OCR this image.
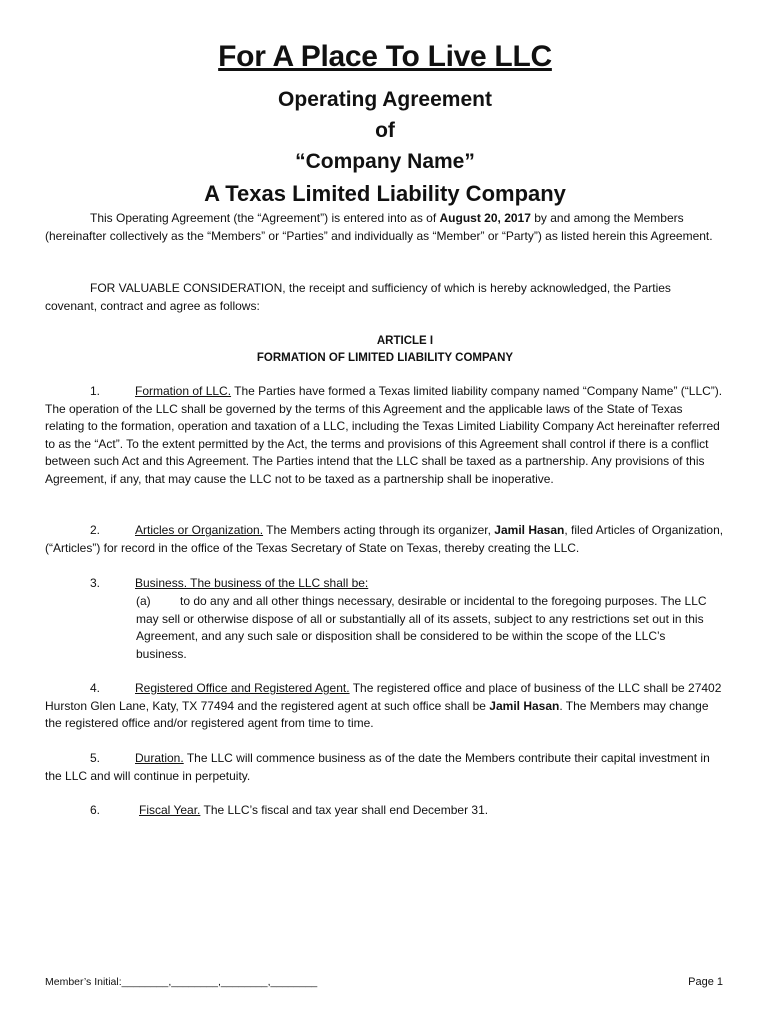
For A Place To Live LLC
Operating Agreement
of
“Company Name”
A Texas Limited Liability Company
This Operating Agreement (the “Agreement”) is entered into as of August 20, 2017 by and among the Members (hereinafter collectively as the “Members” or “Parties” and individually as “Member” or “Party”) as listed herein this Agreement.
FOR VALUABLE CONSIDERATION, the receipt and sufficiency of which is hereby acknowledged, the Parties covenant, contract and agree as follows:
ARTICLE I
FORMATION OF LIMITED LIABILITY COMPANY
1.	Formation of LLC. The Parties have formed a Texas limited liability company named “Company Name” (“LLC”). The operation of the LLC shall be governed by the terms of this Agreement and the applicable laws of the State of Texas relating to the formation, operation and taxation of a LLC, including the Texas Limited Liability Company Act hereinafter referred to as the “Act”. To the extent permitted by the Act, the terms and provisions of this Agreement shall control if there is a conflict between such Act and this Agreement. The Parties intend that the LLC shall be taxed as a partnership. Any provisions of this Agreement, if any, that may cause the LLC not to be taxed as a partnership shall be inoperative.
2.	Articles or Organization. The Members acting through its organizer, Jamil Hasan, filed Articles of Organization, (“Articles”) for record in the office of the Texas Secretary of State on Texas, thereby creating the LLC.
3.	Business. The business of the LLC shall be:
(a) to do any and all other things necessary, desirable or incidental to the foregoing purposes. The LLC may sell or otherwise dispose of all or substantially all of its assets, subject to any restrictions set out in this Agreement, and any such sale or disposition shall be considered to be within the scope of the LLC’s business.
4.	Registered Office and Registered Agent. The registered office and place of business of the LLC shall be 27402 Hurston Glen Lane, Katy, TX 77494 and the registered agent at such office shall be Jamil Hasan. The Members may change the registered office and/or registered agent from time to time.
5.	Duration. The LLC will commence business as of the date the Members contribute their capital investment in the LLC and will continue in perpetuity.
6.	Fiscal Year. The LLC’s fiscal and tax year shall end December 31.
Member’s Initial:________,________,________,________	Page 1
